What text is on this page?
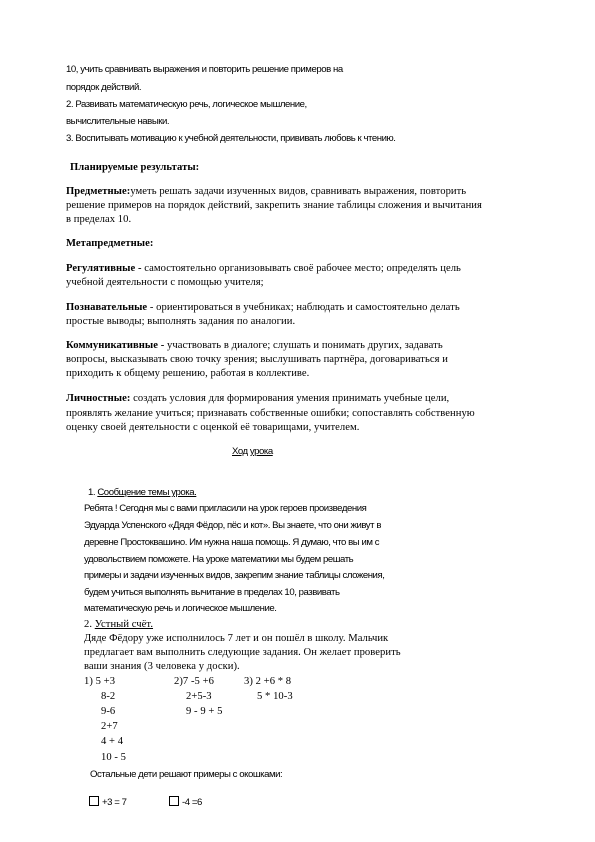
10, учить сравнивать выражения и повторить решение примеров на
порядок действий.
2. Развивать математическую речь, логическое мышление,
вычислительные навыки.
3. Воспитывать мотивацию к учебной деятельности, прививать любовь к чтению.
Планируемые результаты:
Предметные:уметь решать задачи изученных видов, сравнивать выражения, повторить
решение примеров на порядок действий, закрепить знание таблицы сложения и вычитания
в пределах 10.
Метапредметные:
Регулятивные - самостоятельно организовывать своё рабочее место; определять цель
учебной деятельности с помощью учителя;
Познавательные - ориентироваться в учебниках; наблюдать и самостоятельно делать
простые выводы; выполнять задания по аналогии.
Коммуникативные - участвовать в диалоге; слушать и понимать других, задавать
вопросы, высказывать свою точку зрения; выслушивать партнёра, договариваться и
приходить к общему решению, работая в коллективе.
Личностные: создать условия для формирования умения принимать учебные цели,
проявлять желание учиться; признавать собственные ошибки; сопоставлять собственную
оценку своей деятельности с оценкой её товарищами, учителем.
Ход урока
1. Сообщение темы урока.
Ребята ! Сегодня мы с вами пригласили на урок героев произведения
Эдуарда Успенского «Дядя Фёдор, пёс и кот». Вы знаете, что они живут в
деревне Простоквашино. Им нужна наша помощь. Я думаю, что вы им с
удовольствием поможете. На уроке математики мы будем решать
примеры и задачи изученных видов, закрепим знание таблицы сложения,
будем учиться выполнять вычитание в пределах 10, развивать
математическую речь и логическое мышление.
2. Устный счёт.
Дяде Фёдору уже исполнилось 7 лет и он пошёл в школу. Мальчик
предлагает вам выполнить следующие задания. Он желает проверить
ваши знания (3 человека у доски).
1) 5 +3	2)7 -5 +6	3) 2 +6 * 8
8-2	2+5-3	5 * 10-3
9-6	9 - 9 + 5
2+7
4 + 4
10 - 5
Остальные дети решают примеры с окошками:
+3 = 7	-4 =6
